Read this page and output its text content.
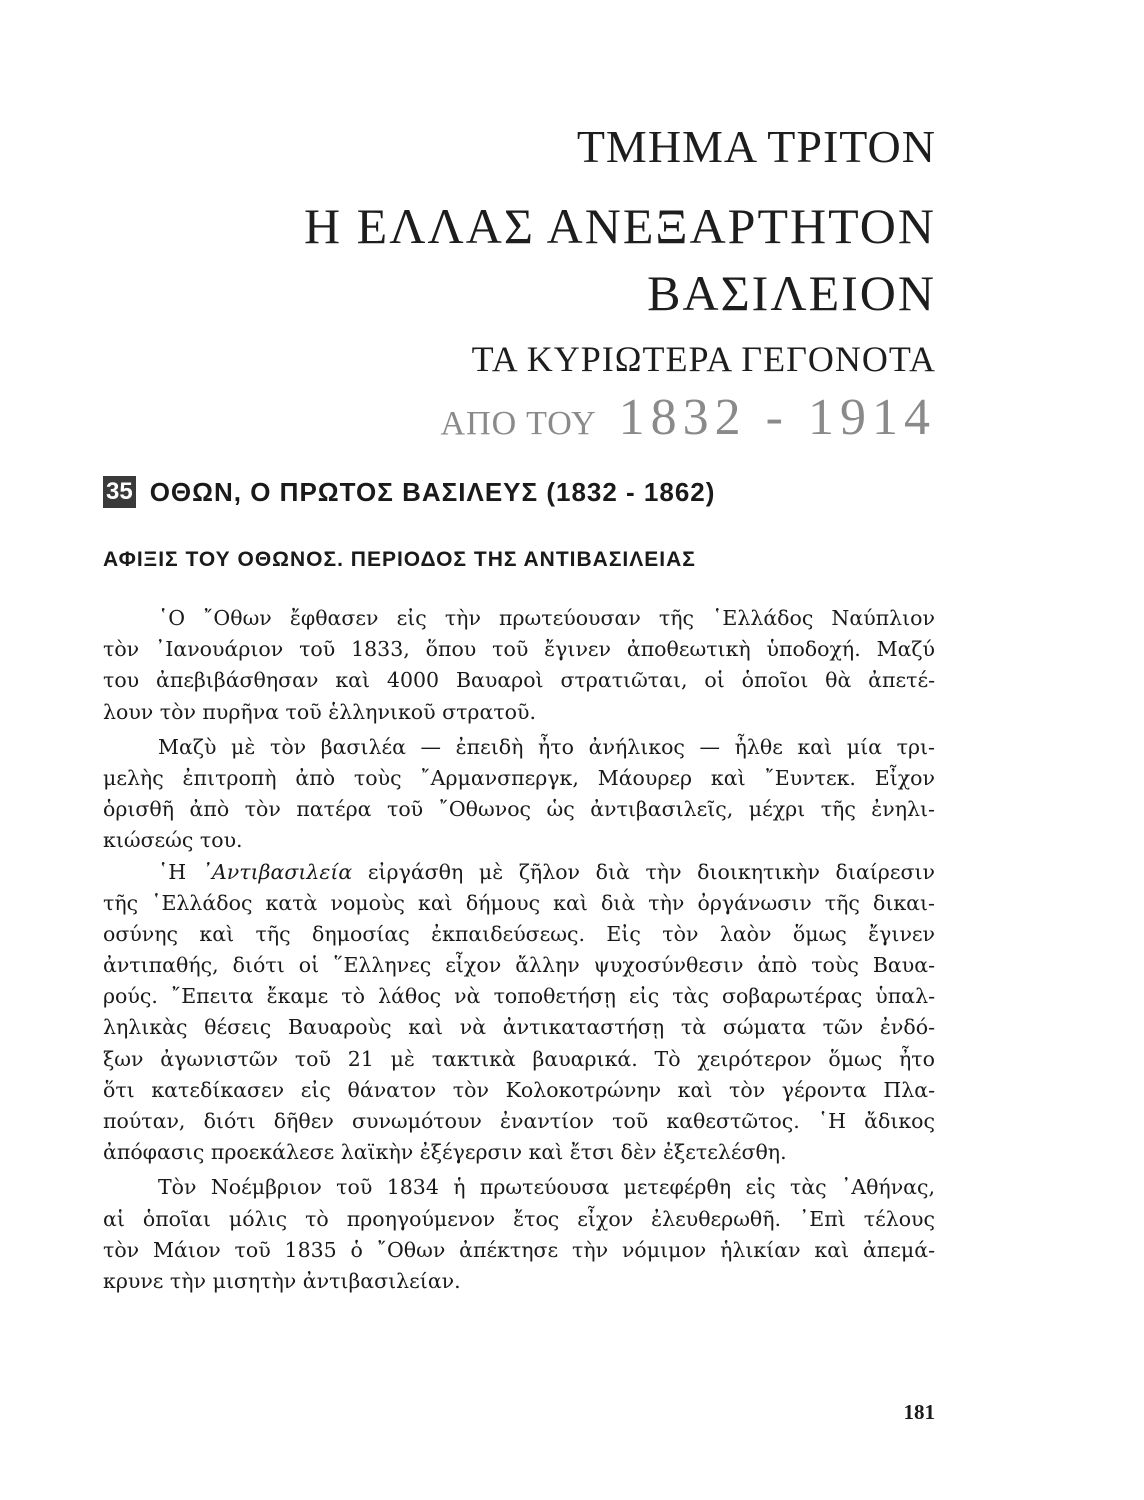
ΤΜΗΜΑ ΤΡΙΤΟΝ
Η ΕΛΛΑΣ ΑΝΕΞΑΡΤΗΤΟΝ
ΒΑΣΙΛΕΙΟΝ
ΤΑ ΚΥΡΙΩΤΕΡΑ ΓΕΓΟΝΟΤΑ
ΑΠΟ ΤΟΥ 1832 - 1914
35 ΟΘΩΝ, Ο ΠΡΩΤΟΣ ΒΑΣΙΛΕΥΣ (1832 - 1862)
ΑΦΙΞΙΣ ΤΟΥ ΟΘΩΝΟΣ. ΠΕΡΙΟΔΟΣ ΤΗΣ ΑΝΤΙΒΑΣΙΛΕΙΑΣ
῾Ο ῎Οθων ἔφθασεν εἰς τὴν πρωτεύουσαν τῆς ῾Ελλάδος Ναύπλιον
τὸν ᾿Ιανουάριον τοῦ 1833, ὅπου τοῦ ἔγινεν ἀποθεωτικὴ ὑποδοχή. Μαζύ
του ἀπεβιβάσθησαν καὶ 4000 Βαυαροὶ στρατιῶται, οἱ ὁποῖοι θὰ ἀπετέ-
λουν τὸν πυρῆνα τοῦ ἑλληνικοῦ στρατοῦ.
Μαζὺ μὲ τὸν βασιλέα — ἐπειδὴ ἦτο ἀνήλικος — ἦλθε καὶ μία τρι-
μελὴς ἐπιτροπὴ ἀπὸ τοὺς ῎Αρμανσπεργκ, Μάουρερ καὶ ῎Ευντεκ. Εἶχον
ὁρισθῆ ἀπὸ τὸν πατέρα τοῦ ῎Οθωνος ὡς ἀντιβασιλεῖς, μέχρι τῆς ἐνηλι-
κιώσεώς του.
῾Η ᾿Αντιβασιλεία εἰργάσθη μὲ ζῆλον διὰ τὴν διοικητικὴν διαίρεσιν
τῆς ῾Ελλάδος κατὰ νομοὺς καὶ δήμους καὶ διὰ τὴν ὀργάνωσιν τῆς δικαι-
οσύνης καὶ τῆς δημοσίας ἐκπαιδεύσεως. Εἰς τὸν λαὸν ὅμως ἔγινεν
ἀντιπαθής, διότι οἱ ῞Ελληνες εἶχον ἄλλην ψυχοσύνθεσιν ἀπὸ τοὺς Βαυα-
ρούς. ῎Επειτα ἔκαμε τὸ λάθος νὰ τοποθετήσῃ εἰς τὰς σοβαρωτέρας ὑπαλ-
ληλικὰς θέσεις Βαυαροὺς καὶ νὰ ἀντικαταστήσῃ τὰ σώματα τῶν ἐνδό-
ξων ἀγωνιστῶν τοῦ 21 μὲ τακτικὰ βαυαρικά. Τὸ χειρότερον ὅμως ἦτο
ὅτι κατεδίκασεν εἰς θάνατον τὸν Κολοκοτρώνην καὶ τὸν γέροντα Πλα-
πούταν, διότι δῆθεν συνωμότουν ἐναντίον τοῦ καθεστῶτος. ῾Η ἄδικος
ἀπόφασις προεκάλεσε λαϊκὴν ἐξέγερσιν καὶ ἔτσι δὲν ἐξετελέσθη.
Τὸν Νοέμβριον τοῦ 1834 ἡ πρωτεύουσα μετεφέρθη εἰς τὰς ᾿Αθήνας,
αἱ ὁποῖαι μόλις τὸ προηγούμενον ἔτος εἶχον ἐλευθερωθῆ. ᾿Επὶ τέλους
τὸν Μάιον τοῦ 1835 ὁ ῎Οθων ἀπέκτησε τὴν νόμιμον ἡλικίαν καὶ ἀπεμά-
κρυνε τὴν μισητὴν ἀντιβασιλείαν.
181
